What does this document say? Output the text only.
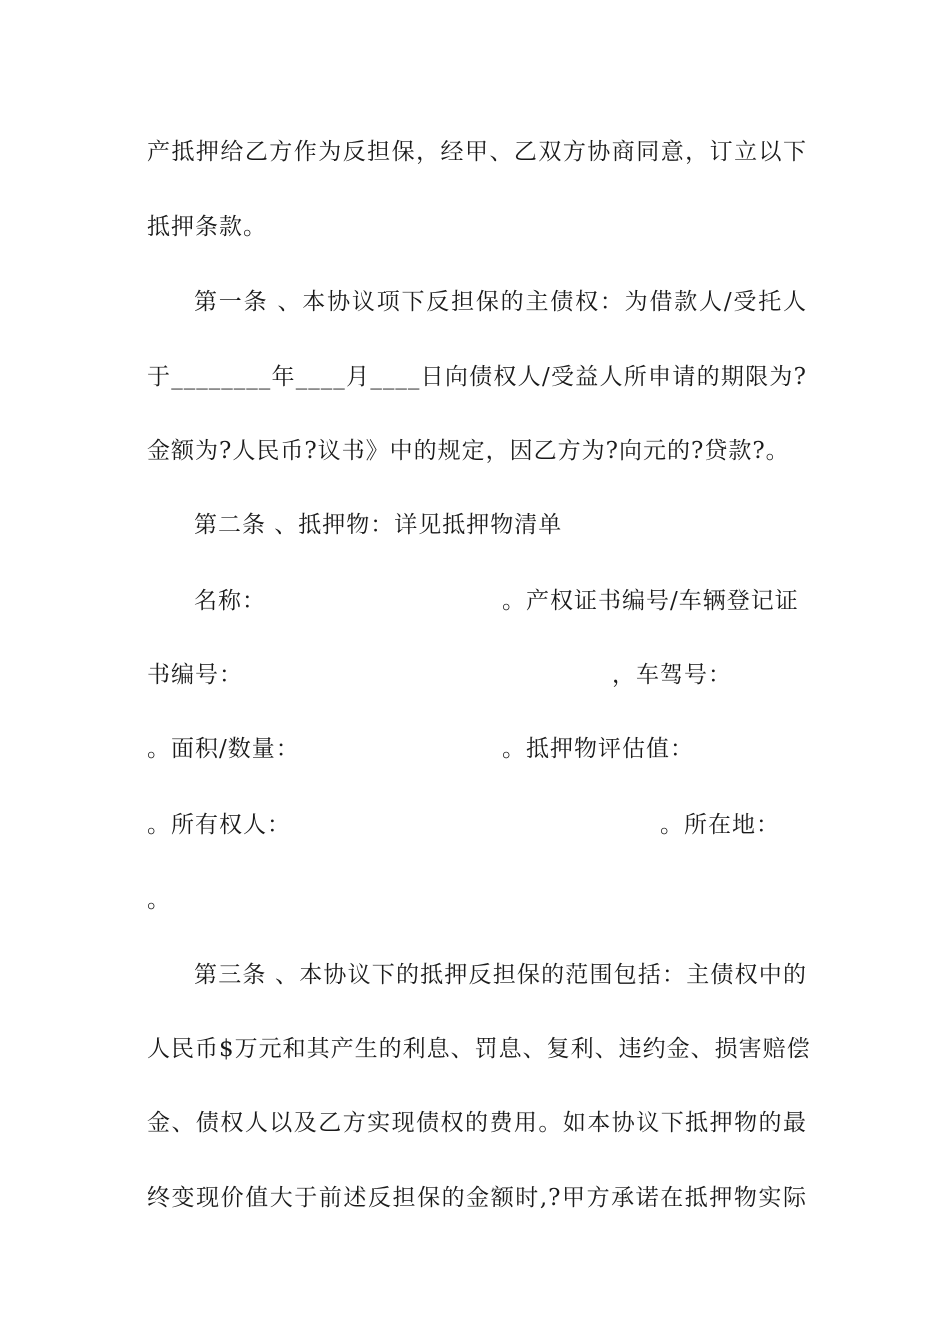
产抵押给乙方作为反担保，经甲、乙双方协商同意，订立以下
抵押条款。
第一条 、本协议项下反担保的主债权：为借款人/受托人
于________年____月____日向债权人/受益人所申请的期限为?
金额为?人民币?议书》中的规定，因乙方为?向元的?贷款?。
第二条 、抵押物：详见抵押物清单
名称：	。产权证书编号/车辆登记证
书编号：	，车驾号：
。面积/数量：	。抵押物评估值：
。所有权人：	。所在地：
。
第三条 、本协议下的抵押反担保的范围包括：主债权中的
人民币$万元和其产生的利息、罚息、复利、违约金、损害赔偿
金、债权人以及乙方实现债权的费用。如本协议下抵押物的最
终变现价值大于前述反担保的金额时,?甲方承诺在抵押物实际
